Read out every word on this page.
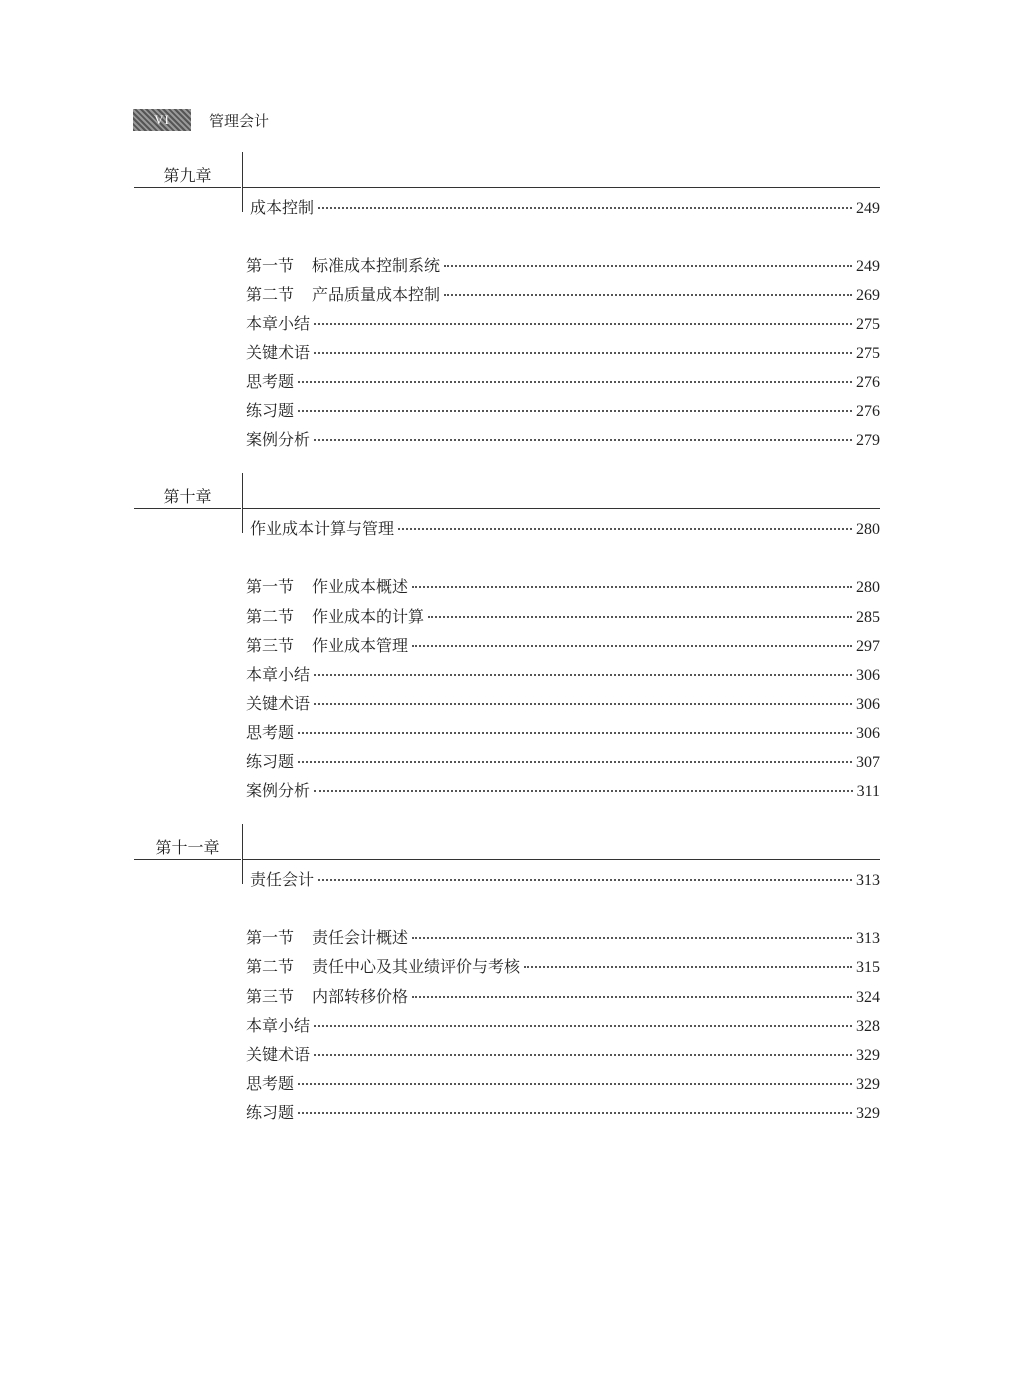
VI	管理会计
第九章
成本控制	249
第一节 标准成本控制系统	249
第二节 产品质量成本控制	269
本章小结	275
关键术语	275
思考题	276
练习题	276
案例分析	279
第十章
作业成本计算与管理	280
第一节 作业成本概述	280
第二节 作业成本的计算	285
第三节 作业成本管理	297
本章小结	306
关键术语	306
思考题	306
练习题	307
案例分析	311
第十一章
责任会计	313
第一节 责任会计概述	313
第二节 责任中心及其业绩评价与考核	315
第三节 内部转移价格	324
本章小结	328
关键术语	329
思考题	329
练习题	329
